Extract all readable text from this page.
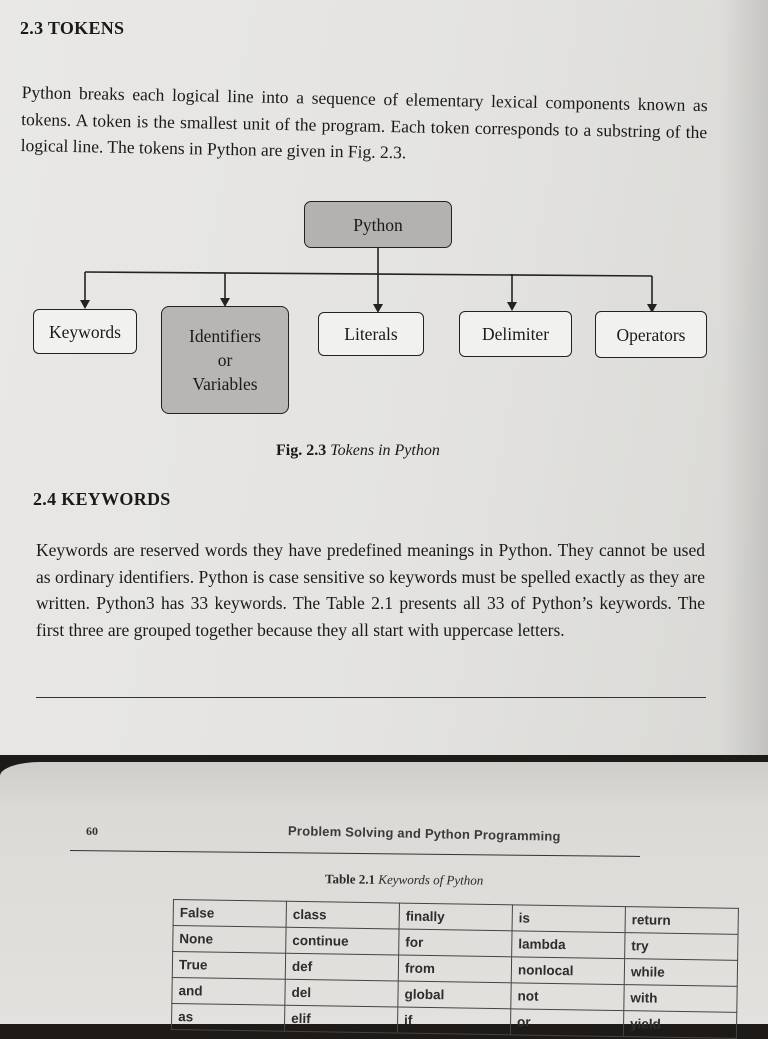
2.3 TOKENS

Python breaks each logical line into a sequence of elementary lexical components known as tokens. A token is the smallest unit of the program. Each token corresponds to a substring of the logical line. The tokens in Python are given in Fig. 2.3.

Python
Keywords	Identifiers
or
Variables
Literals	Delimiter	Operators
Fig. 2.3 Tokens in Python
2.4 KEYWORDS

Keywords are reserved words they have predefined meanings in Python. They cannot be used as ordinary identifiers. Python is case sensitive so keywords must be spelled exactly as they are written. Python3 has 33 keywords. The Table 2.1 presents all 33 of Python’s keywords. The first three are grouped together because they all start with uppercase letters.

60	Problem Solving and Python Programming
Table 2.1 Keywords of Python
False	class	finally	is	return
None	continue	for	lambda	try
True	def	from	nonlocal	while
and	del	global	not	with
as	elif	if	or	yield
